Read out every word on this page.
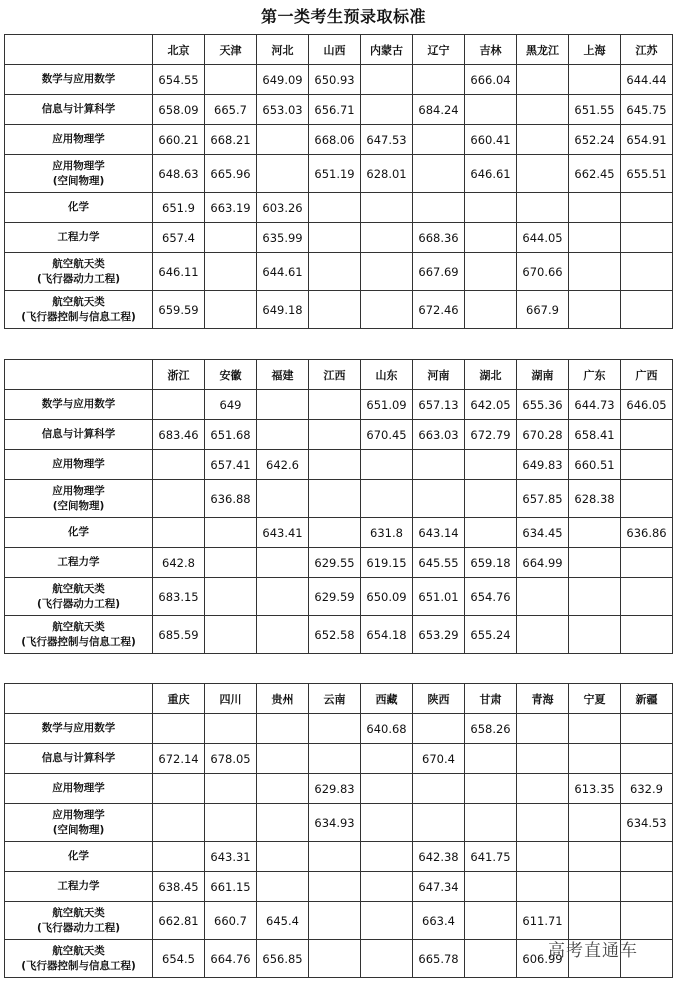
第一类考生预录取标准
	北京	天津	河北	山西	内蒙古	辽宁	吉林	黑龙江	上海	江苏

数学与应用数学	654.55		649.09	650.93			666.04			644.44

信息与计算科学	658.09	665.7	653.03	656.71		684.24			651.55	645.75

应用物理学	660.21	668.21		668.06	647.53		660.41		652.24	654.91

应用物理学
(空间物理)	648.63	665.96		651.19	628.01		646.61		662.45	655.51

化学	651.9	663.19	603.26							

工程力学	657.4		635.99			668.36		644.05		

航空航天类
(飞行器动力工程)	646.11		644.61			667.69		670.66		

航空航天类
(飞行器控制与信息工程)	659.59		649.18			672.46		667.9		
	浙江	安徽	福建	江西	山东	河南	湖北	湖南	广东	广西

数学与应用数学		649			651.09	657.13	642.05	655.36	644.73	646.05

信息与计算科学	683.46	651.68			670.45	663.03	672.79	670.28	658.41	

应用物理学		657.41	642.6					649.83	660.51	

应用物理学
(空间物理)		636.88						657.85	628.38	

化学			643.41		631.8	643.14		634.45		636.86

工程力学	642.8			629.55	619.15	645.55	659.18	664.99		

航空航天类
(飞行器动力工程)	683.15			629.59	650.09	651.01	654.76			

航空航天类
(飞行器控制与信息工程)	685.59			652.58	654.18	653.29	655.24			
	重庆	四川	贵州	云南	西藏	陕西	甘肃	青海	宁夏	新疆

数学与应用数学					640.68		658.26			

信息与计算科学	672.14	678.05				670.4				

应用物理学				629.83					613.35	632.9

应用物理学
(空间物理)				634.93						634.53

化学		643.31				642.38	641.75			

工程力学	638.45	661.15				647.34				

航空航天类
(飞行器动力工程)	662.81	660.7	645.4			663.4		611.71		

航空航天类
(飞行器控制与信息工程)	654.5	664.76	656.85			665.78		606.99		
高考直通车
